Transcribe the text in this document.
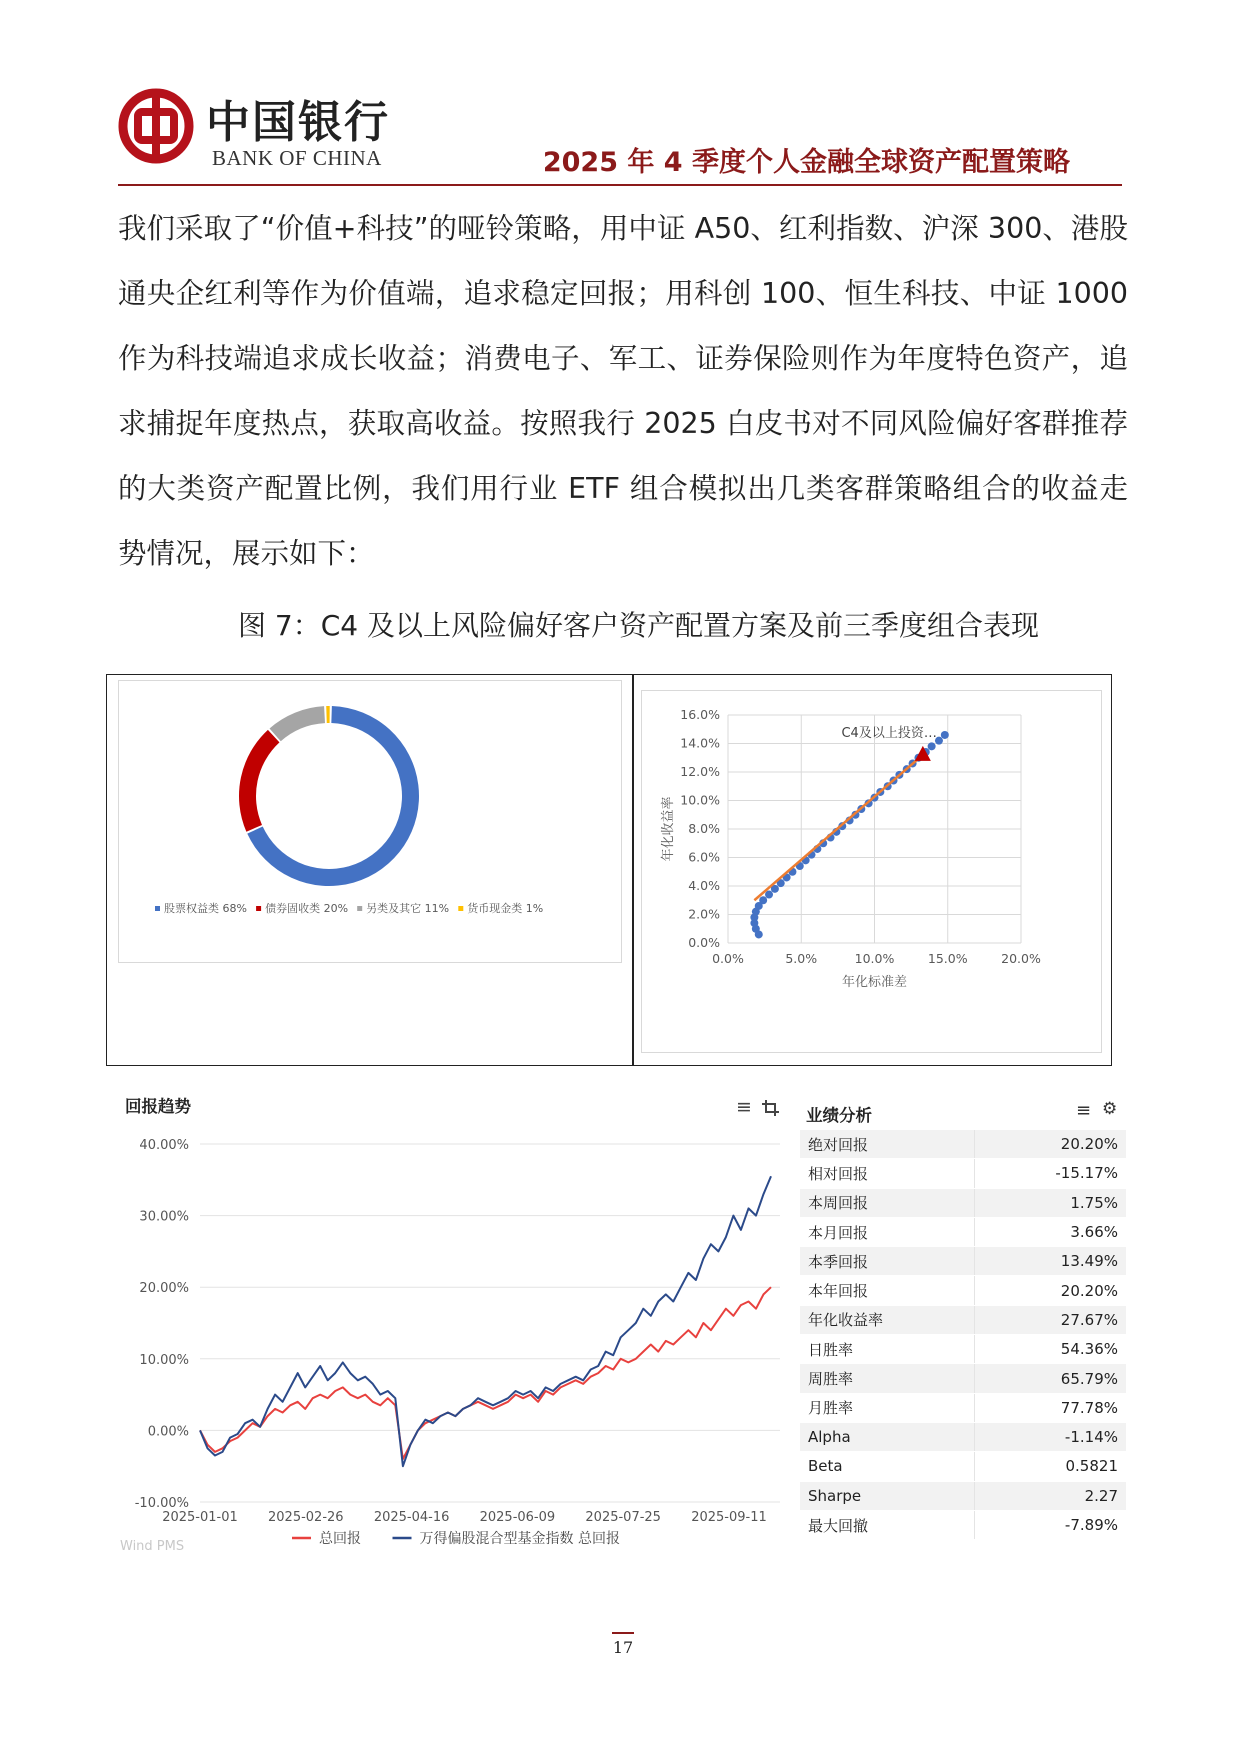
中国银行
BANK OF CHINA	2025 年 4 季度个人金融全球资产配置策略
我们采取了“价值+科技”的哑铃策略，用中证 A50、红利指数、沪深 300、港股通央企红利等作为价值端，追求稳定回报；用科创 100、恒生科技、中证 1000 作为科技端追求成长收益；消费电子、军工、证券保险则作为年度特色资产，追求捕捉年度热点，获取高收益。按照我行 2025 白皮书对不同风险偏好客群推荐的大类资产配置比例，我们用行业 ETF 组合模拟出几类客群策略组合的收益走势情况，展示如下：
图 7：C4 及以上风险偏好客户资产配置方案及前三季度组合表现
股票权益类 68% 债券固收类 20% 另类及其它 11% 货币现金类 1%
0.0%
2.0%
4.0%
6.0%
8.0%
10.0%
12.0%
14.0%
16.0%
0.0%	5.0%	10.0%	15.0%	20.0%
年化标准差
年化收益率
C4及以上投资…
回报趋势	≡
40.00%
30.00%
20.00%
10.00%
0.00%
-10.00%
2025-01-01 2025-02-26 2025-04-16 2025-06-09 2025-07-25 2025-09-11
Wind PMS	总回报	万得偏股混合型基金指数 总回报
业绩分析	≡ ⚙
绝对回报	20.20%
相对回报	-15.17%
本周回报	1.75%
本月回报	3.66%
本季回报	13.49%
本年回报	20.20%
年化收益率	27.67%
日胜率	54.36%
周胜率	65.79%
月胜率	77.78%
Alpha	-1.14%
Beta	0.5821
Sharpe	2.27
最大回撤	-7.89%
17
